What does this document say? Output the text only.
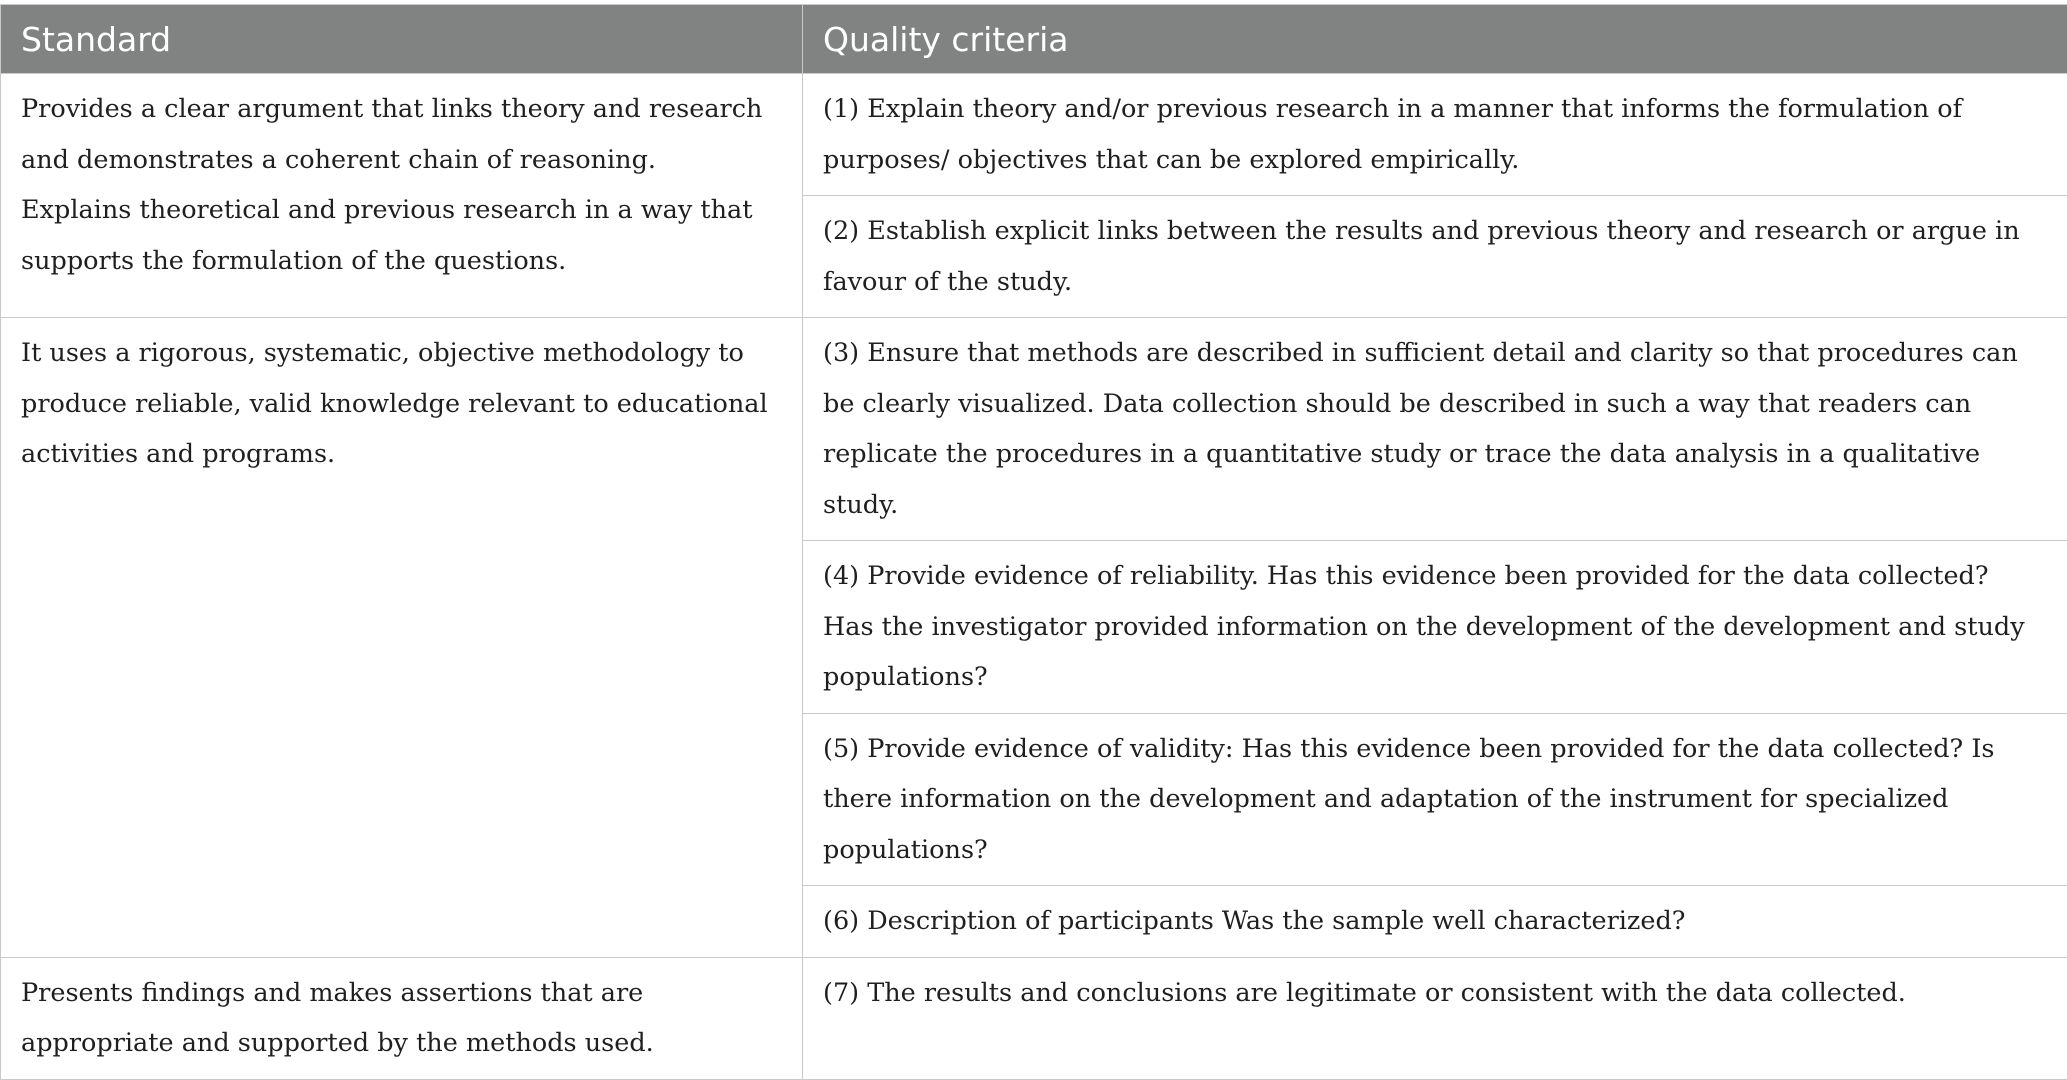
Standard	Quality criteria
Provides a clear argument that links theory and research and demonstrates a coherent chain of reasoning. Explains theoretical and previous research in a way that supports the formulation of the questions.	(1) Explain theory and/or previous research in a manner that informs the formulation of purposes/ objectives that can be explored empirically.
	(2) Establish explicit links between the results and previous theory and research or argue in favour of the study.
It uses a rigorous, systematic, objective methodology to produce reliable, valid knowledge relevant to educational activities and programs.	(3) Ensure that methods are described in sufficient detail and clarity so that procedures can be clearly visualized. Data collection should be described in such a way that readers can replicate the procedures in a quantitative study or trace the data analysis in a qualitative study.
	(4) Provide evidence of reliability. Has this evidence been provided for the data collected? Has the investigator provided information on the development of the development and study populations?
	(5) Provide evidence of validity: Has this evidence been provided for the data collected? Is there information on the development and adaptation of the instrument for specialized populations?
	(6) Description of participants Was the sample well characterized?
Presents findings and makes assertions that are appropriate and supported by the methods used.	(7) The results and conclusions are legitimate or consistent with the data collected.
